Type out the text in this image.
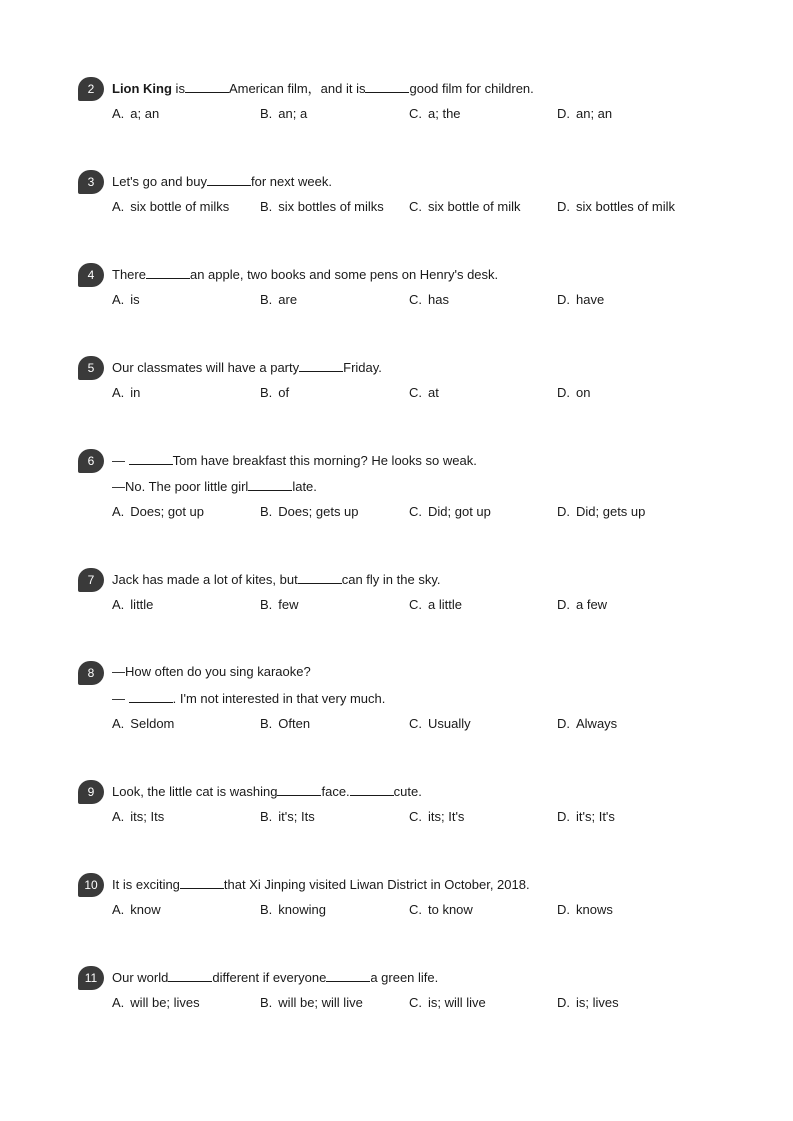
2	Lion King is	American film，and it is	good film for children.
A. a; an	B. an; a	C. a; the	D. an; an
3	Let's go and buy	for next week.
A. six bottle of milks B. six bottles of milks C. six bottle of milk	D. six bottles of milk
4	There	an apple, two books and some pens on Henry's desk.
A. is	B. are	C. has	D. have
5	Our classmates will have a party	Friday.
A. in	B. of	C. at	D. on
6	—	Tom have breakfast this morning? He looks so weak.
—No. The poor little girl	late.
A. Does; got up	B. Does; gets up	C. Did; got up	D. Did; gets up
7	Jack has made a lot of kites, but	can fly in the sky.
A. little	B. few	C. a little	D. a few
8	—How often do you sing karaoke?
—	. I'm not interested in that very much.
A. Seldom	B. Often	C. Usually	D. Always
9	Look, the little cat is washing	face.	cute.
A. its; Its	B. it's; Its	C. its; It's	D. it's; It's
10	It is exciting	that Xi Jinping visited Liwan District in October, 2018.
A. know	B. knowing	C. to know	D. knows
11	Our world	different if everyone	a green life.
A. will be; lives	B. will be; will live	C. is; will live	D. is; lives
